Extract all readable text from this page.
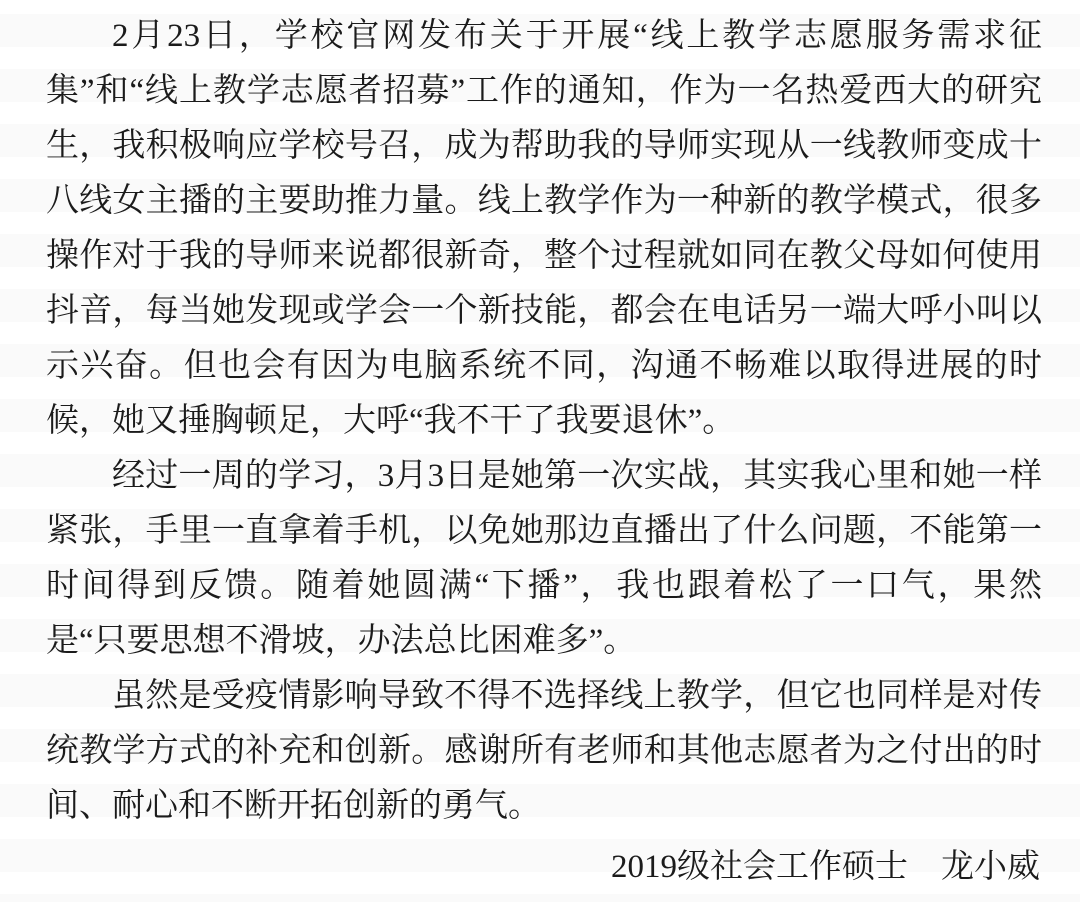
2月23日，学校官网发布关于开展“线上教学志愿服务需求征集”和“线上教学志愿者招募”工作的通知，作为一名热爱西大的研究生，我积极响应学校号召，成为帮助我的导师实现从一线教师变成十八线女主播的主要助推力量。线上教学作为一种新的教学模式，很多操作对于我的导师来说都很新奇，整个过程就如同在教父母如何使用抖音，每当她发现或学会一个新技能，都会在电话另一端大呼小叫以示兴奋。但也会有因为电脑系统不同，沟通不畅难以取得进展的时候，她又捶胸顿足，大呼“我不干了我要退休”。

经过一周的学习，3月3日是她第一次实战，其实我心里和她一样紧张，手里一直拿着手机，以免她那边直播出了什么问题，不能第一时间得到反馈。随着她圆满“下播”，我也跟着松了一口气，果然是“只要思想不滑坡，办法总比困难多”。

虽然是受疫情影响导致不得不选择线上教学，但它也同样是对传统教学方式的补充和创新。感谢所有老师和其他志愿者为之付出的时间、耐心和不断开拓创新的勇气。

2019级社会工作硕士　龙小威
